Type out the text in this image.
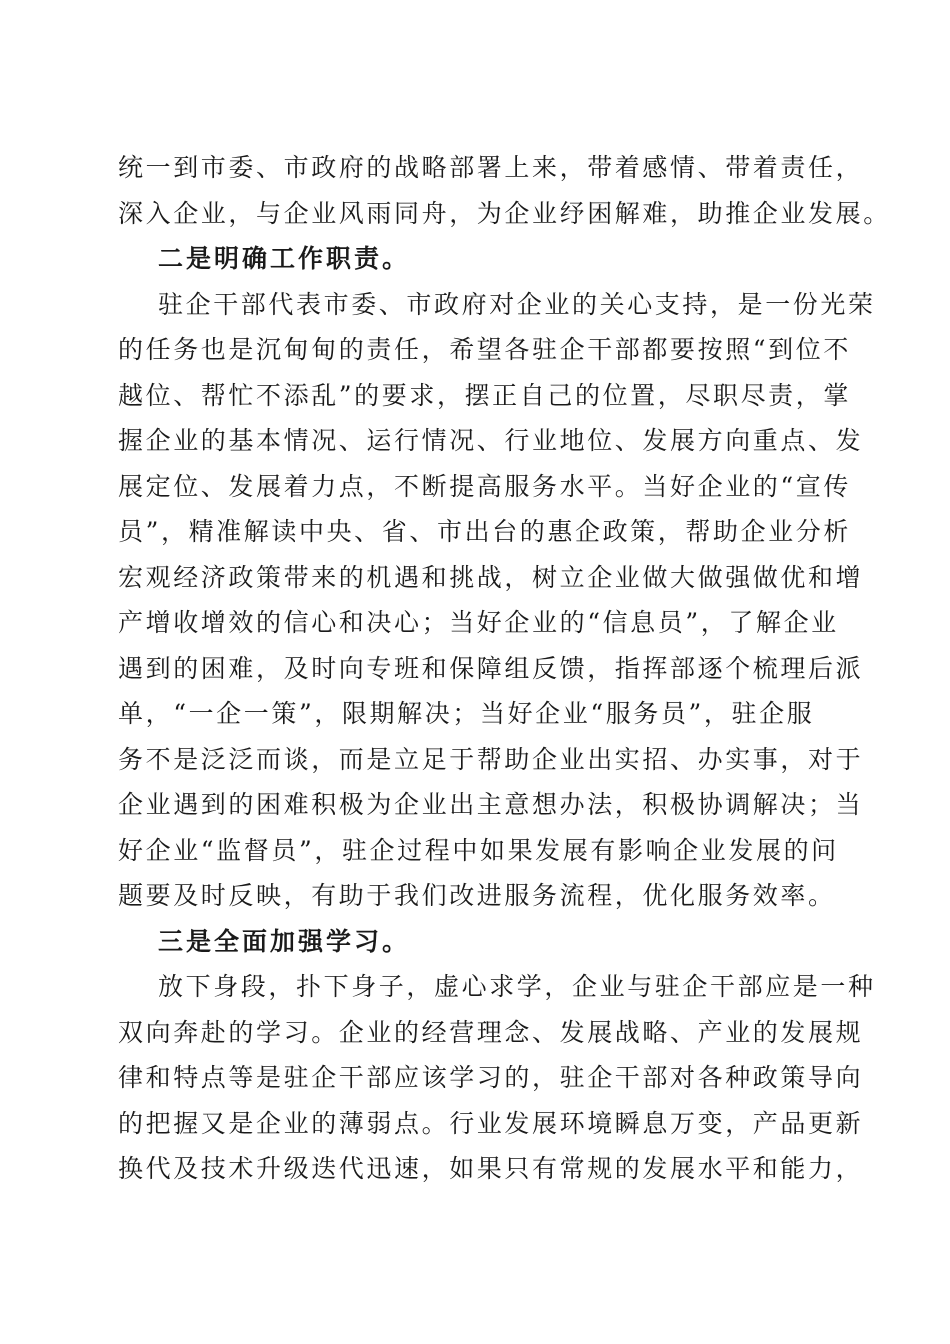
统一到市委、市政府的战略部署上来，带着感情、带着责任，
深入企业，与企业风雨同舟，为企业纾困解难，助推企业发展。
二是明确工作职责。
驻企干部代表市委、市政府对企业的关心支持，是一份光荣
的任务也是沉甸甸的责任，希望各驻企干部都要按照“到位不
越位、帮忙不添乱”的要求，摆正自己的位置，尽职尽责，掌
握企业的基本情况、运行情况、行业地位、发展方向重点、发
展定位、发展着力点，不断提高服务水平。当好企业的“宣传
员”，精准解读中央、省、市出台的惠企政策，帮助企业分析
宏观经济政策带来的机遇和挑战，树立企业做大做强做优和增
产增收增效的信心和决心；当好企业的“信息员”，了解企业
遇到的困难，及时向专班和保障组反馈，指挥部逐个梳理后派
单，“一企一策”，限期解决；当好企业“服务员”，驻企服
务不是泛泛而谈，而是立足于帮助企业出实招、办实事，对于
企业遇到的困难积极为企业出主意想办法，积极协调解决；当
好企业“监督员”，驻企过程中如果发展有影响企业发展的问
题要及时反映，有助于我们改进服务流程，优化服务效率。
三是全面加强学习。
放下身段，扑下身子，虚心求学，企业与驻企干部应是一种
双向奔赴的学习。企业的经营理念、发展战略、产业的发展规
律和特点等是驻企干部应该学习的，驻企干部对各种政策导向
的把握又是企业的薄弱点。行业发展环境瞬息万变，产品更新
换代及技术升级迭代迅速，如果只有常规的发展水平和能力，
